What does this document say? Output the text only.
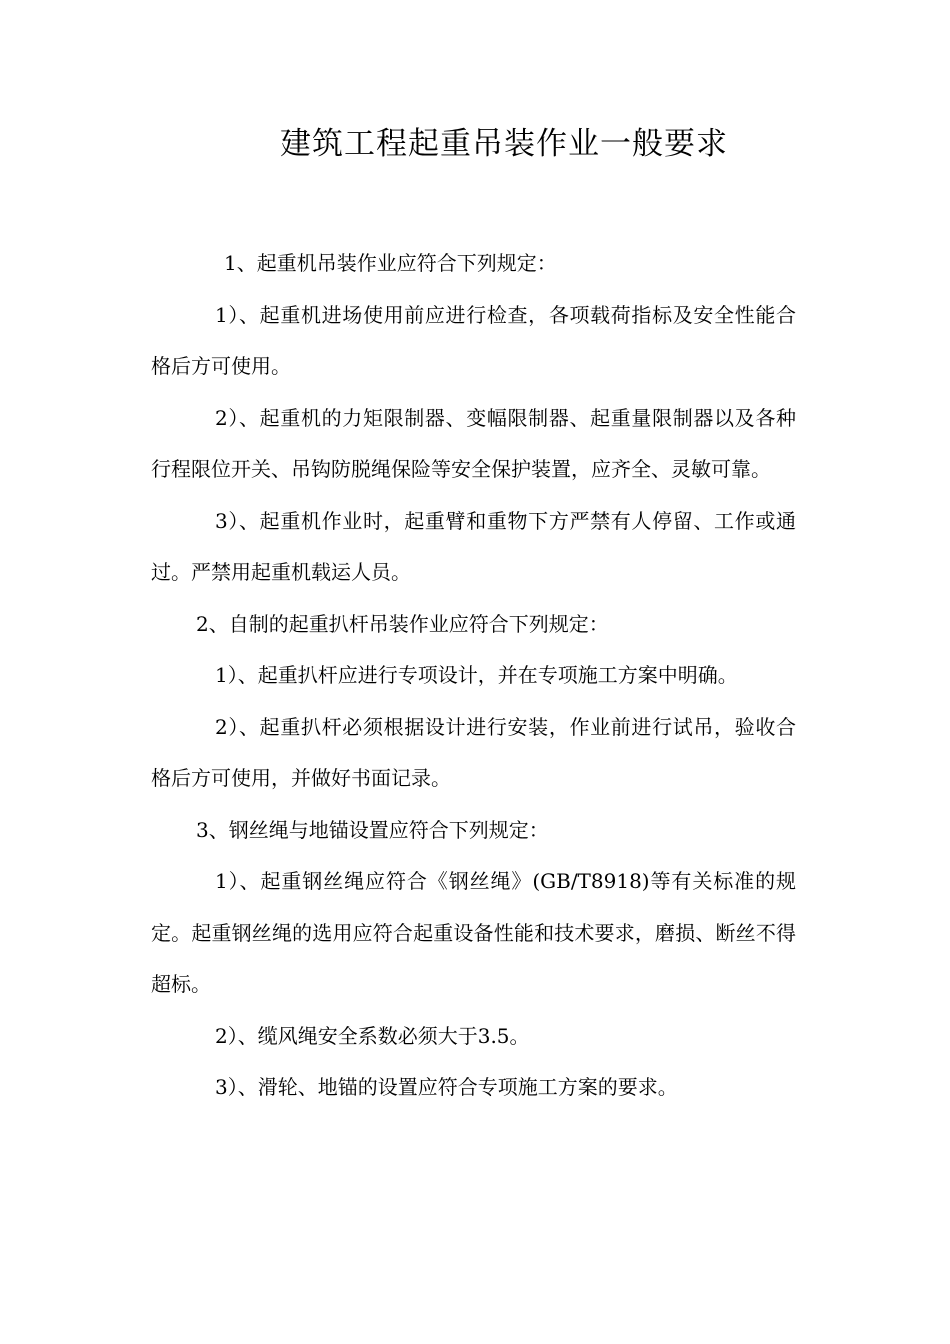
建筑工程起重吊装作业一般要求

1、起重机吊装作业应符合下列规定：

1）、起重机进场使用前应进行检查，各项载荷指标及安全性能合格后方可使用。

2）、起重机的力矩限制器、变幅限制器、起重量限制器以及各种行程限位开关、吊钩防脱绳保险等安全保护装置，应齐全、灵敏可靠。

3）、起重机作业时，起重臂和重物下方严禁有人停留、工作或通过。严禁用起重机载运人员。

2、自制的起重扒杆吊装作业应符合下列规定：

1）、起重扒杆应进行专项设计，并在专项施工方案中明确。

2）、起重扒杆必须根据设计进行安装，作业前进行试吊，验收合格后方可使用，并做好书面记录。

3、钢丝绳与地锚设置应符合下列规定：

1）、起重钢丝绳应符合《钢丝绳》(GB/T8918)等有关标准的规定。起重钢丝绳的选用应符合起重设备性能和技术要求，磨损、断丝不得超标。

2）、缆风绳安全系数必须大于3.5。

3）、滑轮、地锚的设置应符合专项施工方案的要求。
